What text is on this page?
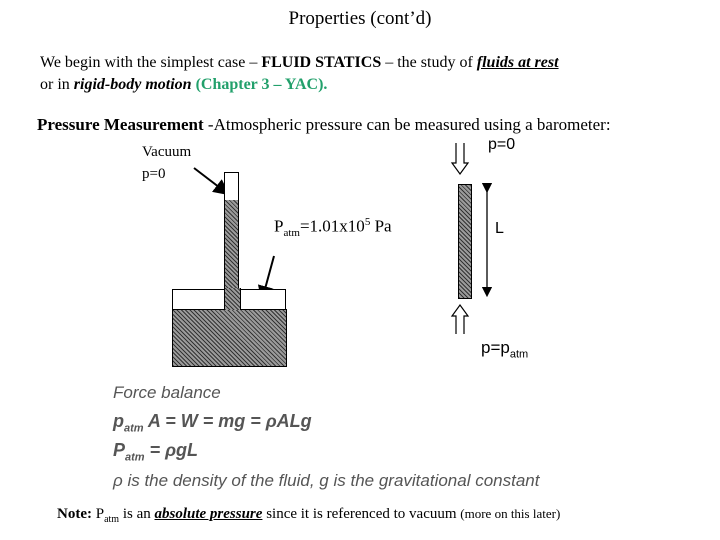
Properties (cont’d)
We begin with the simplest case – FLUID STATICS – the study of fluids at rest
or in rigid-body motion (Chapter 3 – YAC).
Pressure Measurement -Atmospheric pressure can be measured using a barometer:
Vacuum
p=0
$P_{atm}=1.01x10^5$ Pa
p=0
L
$p=p_{atm}$
Force balance
$p_{atm}$ A = W = mg = ρALg
$P_{atm} = \rho gL$
ρ is the density of the fluid, g is the gravitational constant
Note: $P_{atm}$ is an absolute pressure since it is referenced to vacuum (more on this later)
